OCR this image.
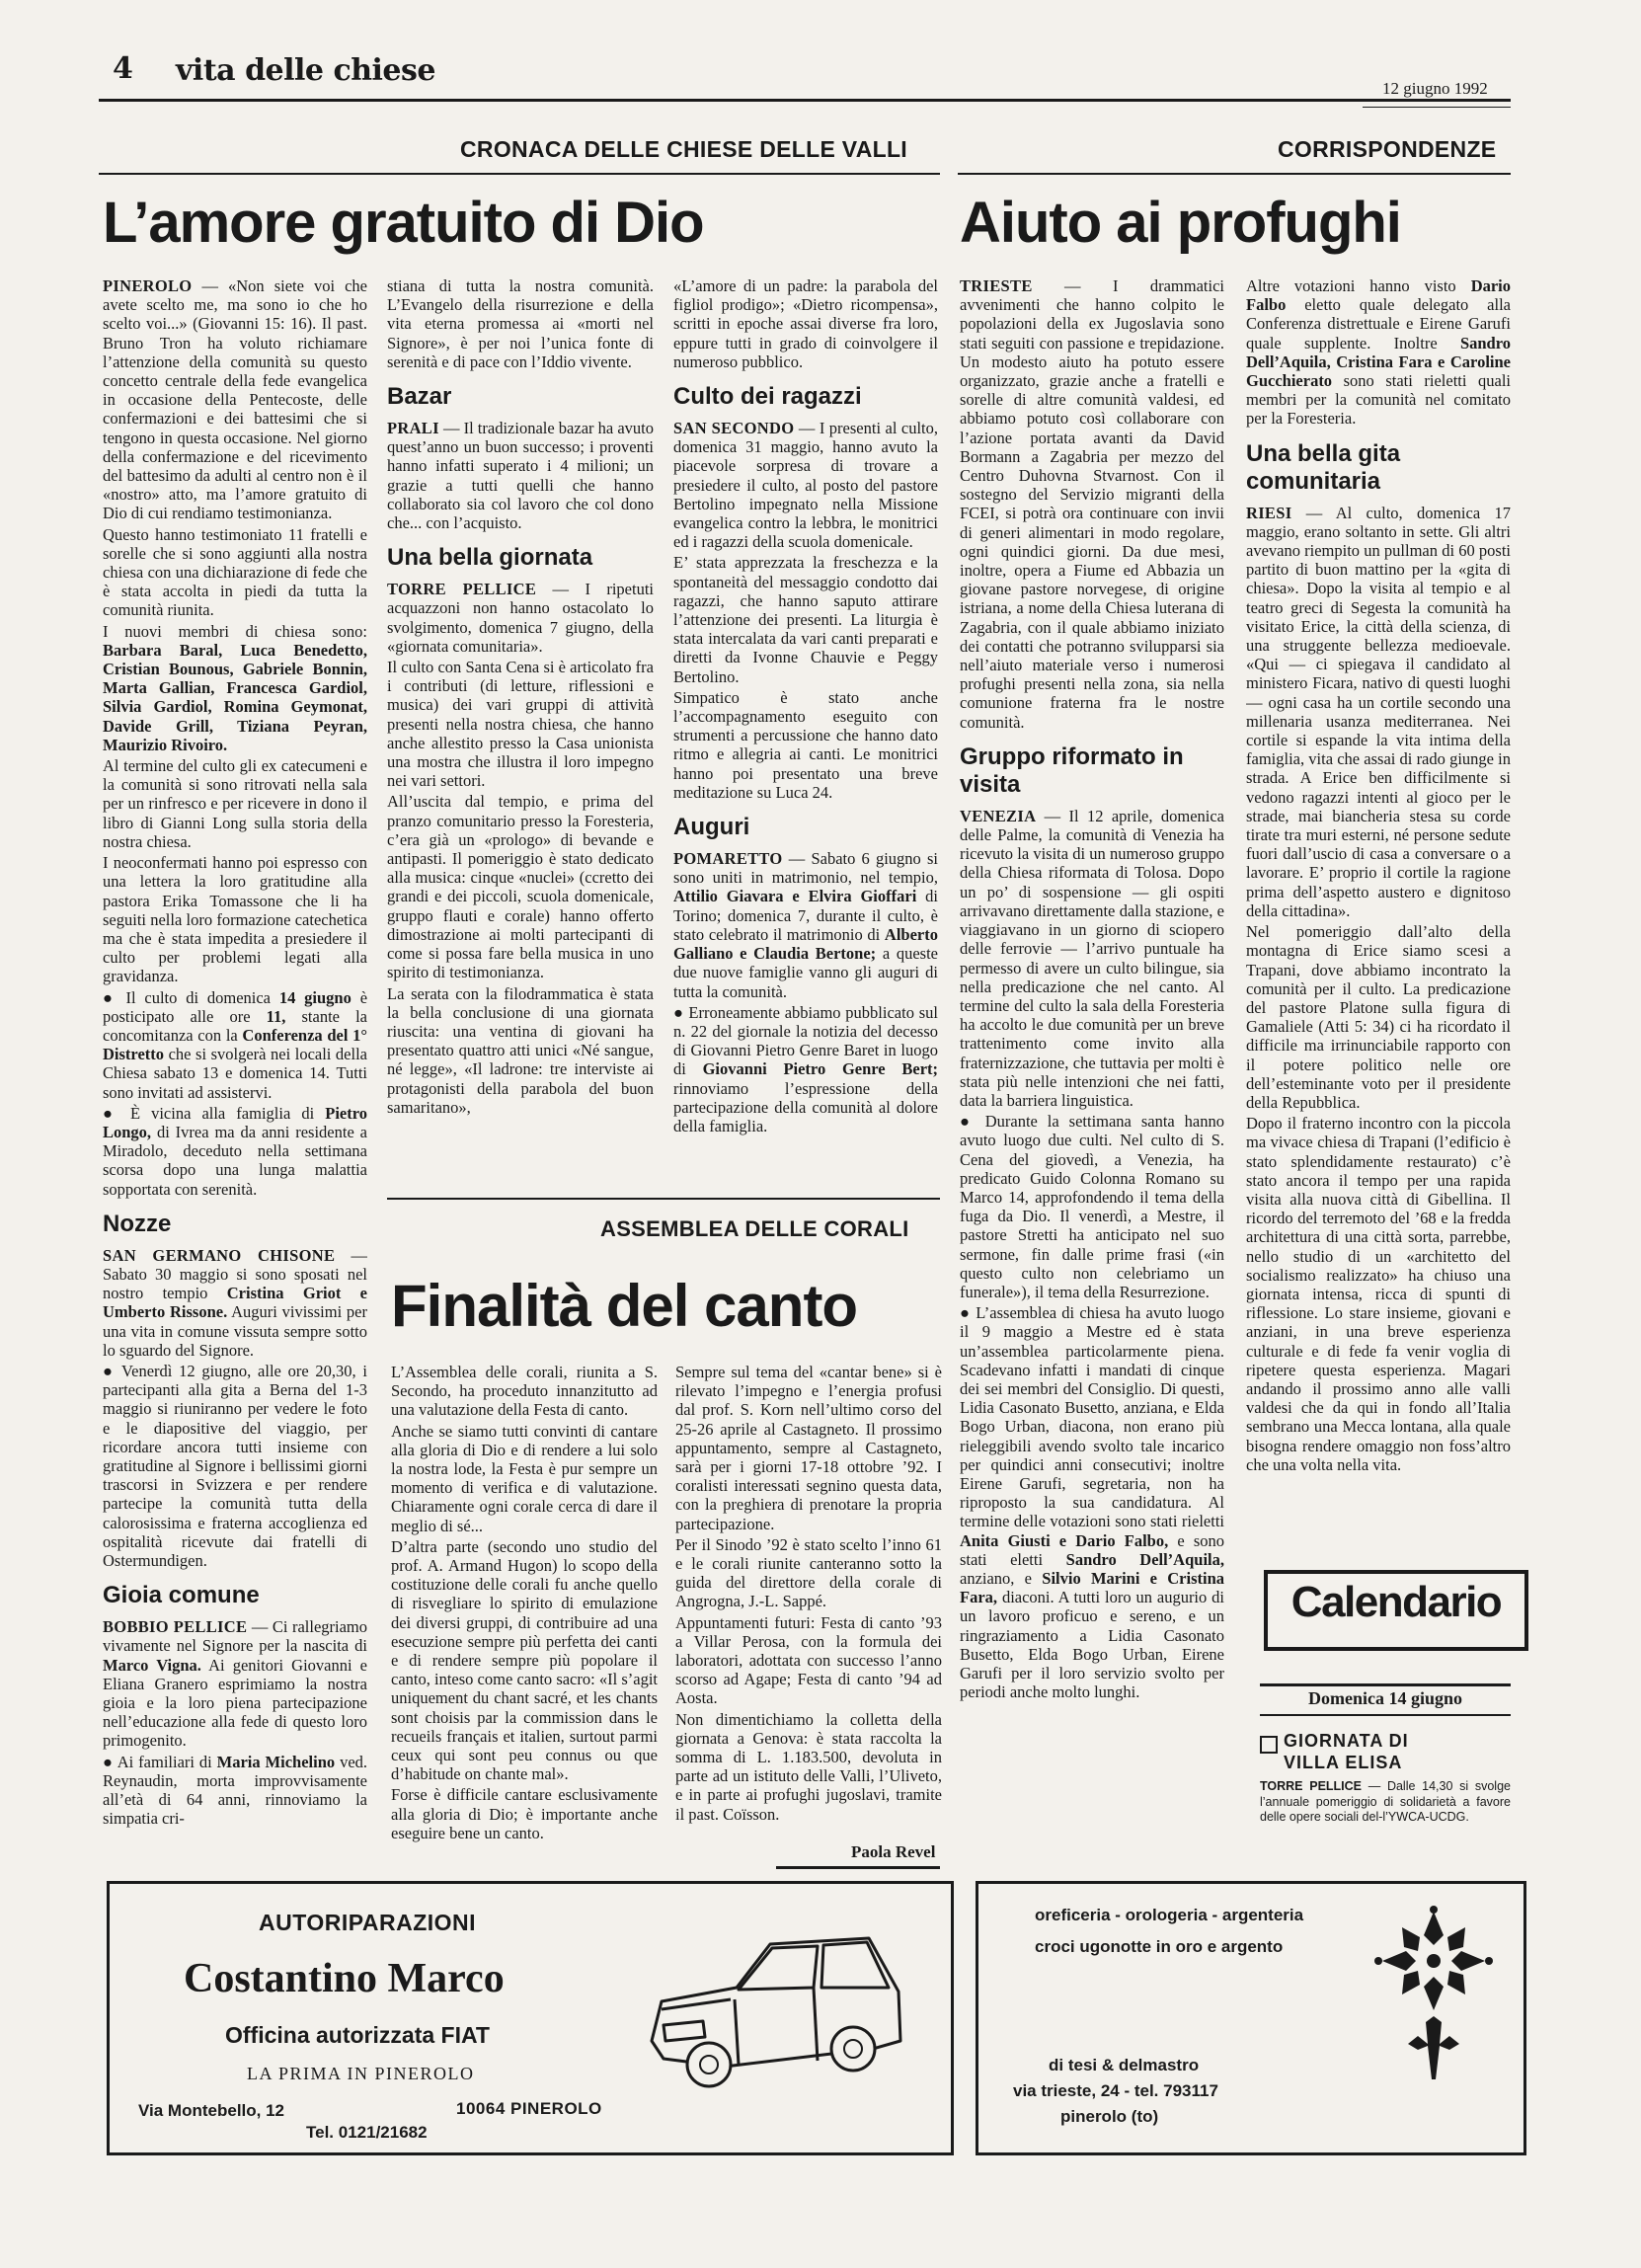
4 vita delle chiese
12 giugno 1992
CRONACA DELLE CHIESE DELLE VALLI	CORRISPONDENZE
L’amore gratuito di Dio	Aiuto ai profughi

PINEROLO — «Non siete voi che avete scelto me, ma sono io che ho scelto voi...» (Giovanni 15: 16). Il past. Bruno Tron ha voluto richiamare l’attenzione della comunità su questo concetto centrale della fede evangelica in occasione della Pentecoste, delle confermazioni e dei battesimi che si tengono in questa occasione. Nel giorno della confermazione e del ricevimento del battesimo da adulti al centro non è il «nostro» atto, ma l’amore gratuito di Dio di cui rendiamo testimonianza.

Questo hanno testimoniato 11 fratelli e sorelle che si sono aggiunti alla nostra chiesa con una dichiarazione di fede che è stata accolta in piedi da tutta la comunità riunita.

I nuovi membri di chiesa sono: Barbara Baral, Luca Benedetto, Cristian Bounous, Gabriele Bonnin, Marta Gallian, Francesca Gardiol, Silvia Gardiol, Romina Geymonat, Davide Grill, Tiziana Peyran, Maurizio Rivoiro.

Al termine del culto gli ex catecumeni e la comunità si sono ritrovati nella sala per un rinfresco e per ricevere in dono il libro di Gianni Long sulla storia della nostra chiesa.

I neoconfermati hanno poi espresso con una lettera la loro gratitudine alla pastora Erika Tomassone che li ha seguiti nella loro formazione catechetica ma che è stata impedita a presiedere il culto per problemi legati alla gravidanza.

● Il culto di domenica 14 giugno è posticipato alle ore 11, stante la concomitanza con la Conferenza del 1° Distretto che si svolgerà nei locali della Chiesa sabato 13 e domenica 14. Tutti sono invitati ad assistervi.

● È vicina alla famiglia di Pietro Longo, di Ivrea ma da anni residente a Miradolo, deceduto nella settimana scorsa dopo una lunga malattia sopportata con serenità.

Nozze

SAN GERMANO CHISONE — Sabato 30 maggio si sono sposati nel nostro tempio Cristina Griot e Umberto Rissone. Auguri vivissimi per una vita in comune vissuta sempre sotto lo sguardo del Signore.

● Venerdì 12 giugno, alle ore 20,30, i partecipanti alla gita a Berna del 1-3 maggio si riuniranno per vedere le foto e le diapositive del viaggio, per ricordare ancora tutti insieme con gratitudine al Signore i bellissimi giorni trascorsi in Svizzera e per rendere partecipe la comunità tutta della calorosissima e fraterna accoglienza ed ospitalità ricevute dai fratelli di Ostermundigen.

Gioia comune

BOBBIO PELLICE — Ci rallegriamo vivamente nel Signore per la nascita di Marco Vigna. Ai genitori Giovanni e Eliana Granero esprimiamo la nostra gioia e la loro piena partecipazione nell’educazione alla fede di questo loro primogenito.

● Ai familiari di Maria Michelino ved. Reynaudin, morta improvvisamente all’età di 64 anni, rinnoviamo la simpatia cri-

stiana di tutta la nostra comunità. L’Evangelo della risurrezione e della vita eterna promessa ai «morti nel Signore», è per noi l’unica fonte di serenità e di pace con l’Iddio vivente.

Bazar

PRALI — Il tradizionale bazar ha avuto quest’anno un buon successo; i proventi hanno infatti superato i 4 milioni; un grazie a tutti quelli che hanno collaborato sia col lavoro che col dono che... con l’acquisto.

Una bella giornata

TORRE PELLICE — I ripetuti acquazzoni non hanno ostacolato lo svolgimento, domenica 7 giugno, della «giornata comunitaria».

Il culto con Santa Cena si è articolato fra i contributi (di letture, riflessioni e musica) dei vari gruppi di attività presenti nella nostra chiesa, che hanno anche allestito presso la Casa unionista una mostra che illustra il loro impegno nei vari settori.

All’uscita dal tempio, e prima del pranzo comunitario presso la Foresteria, c’era già un «prologo» di bevande e antipasti. Il pomeriggio è stato dedicato alla musica: cinque «nuclei» (ccretto dei grandi e dei piccoli, scuola domenicale, gruppo flauti e corale) hanno offerto dimostrazione ai molti partecipanti di come si possa fare bella musica in uno spirito di testimonianza.

La serata con la filodrammatica è stata la bella conclusione di una giornata riuscita: una ventina di giovani ha presentato quattro atti unici «Né sangue, né legge», «Il ladrone: tre interviste ai protagonisti della parabola del buon samaritano»,

«L’amore di un padre: la parabola del figliol prodigo»; «Dietro ricompensa», scritti in epoche assai diverse fra loro, eppure tutti in grado di coinvolgere il numeroso pubblico.

Culto dei ragazzi

SAN SECONDO — I presenti al culto, domenica 31 maggio, hanno avuto la piacevole sorpresa di trovare a presiedere il culto, al posto del pastore Bertolino impegnato nella Missione evangelica contro la lebbra, le monitrici ed i ragazzi della scuola domenicale.

E’ stata apprezzata la freschezza e la spontaneità del messaggio condotto dai ragazzi, che hanno saputo attirare l’attenzione dei presenti. La liturgia è stata intercalata da vari canti preparati e diretti da Ivonne Chauvie e Peggy Bertolino.

Simpatico è stato anche l’accompagnamento eseguito con strumenti a percussione che hanno dato ritmo e allegria ai canti. Le monitrici hanno poi presentato una breve meditazione su Luca 24.

Auguri

POMARETTO — Sabato 6 giugno si sono uniti in matrimonio, nel tempio, Attilio Giavara e Elvira Gioffari di Torino; domenica 7, durante il culto, è stato celebrato il matrimonio di Alberto Galliano e Claudia Bertone; a queste due nuove famiglie vanno gli auguri di tutta la comunità.

● Erroneamente abbiamo pubblicato sul n. 22 del giornale la notizia del decesso di Giovanni Pietro Genre Baret in luogo di Giovanni Pietro Genre Bert; rinnoviamo l’espressione della partecipazione della comunità al dolore della famiglia.

ASSEMBLEA DELLE CORALI
Finalità del canto

L’Assemblea delle corali, riunita a S. Secondo, ha proceduto innanzitutto ad una valutazione della Festa di canto.

Anche se siamo tutti convinti di cantare alla gloria di Dio e di rendere a lui solo la nostra lode, la Festa è pur sempre un momento di verifica e di valutazione. Chiaramente ogni corale cerca di dare il meglio di sé...

D’altra parte (secondo uno studio del prof. A. Armand Hugon) lo scopo della costituzione delle corali fu anche quello di risvegliare lo spirito di emulazione dei diversi gruppi, di contribuire ad una esecuzione sempre più perfetta dei canti e di rendere sempre più popolare il canto, inteso come canto sacro: «Il s’agit uniquement du chant sacré, et les chants sont choisis par la commission dans le recueils français et italien, surtout parmi ceux qui sont peu connus ou que d’habitude on chante mal».

Forse è difficile cantare esclusivamente alla gloria di Dio; è importante anche eseguire bene un canto.

Sempre sul tema del «cantar bene» si è rilevato l’impegno e l’energia profusi dal prof. S. Korn nell’ultimo corso del 25-26 aprile al Castagneto. Il prossimo appuntamento, sempre al Castagneto, sarà per i giorni 17-18 ottobre ’92. I coralisti interessati segnino questa data, con la preghiera di prenotare la propria partecipazione.

Per il Sinodo ’92 è stato scelto l’inno 61 e le corali riunite canteranno sotto la guida del direttore della corale di Angrogna, J.-L. Sappé.

Appuntamenti futuri: Festa di canto ’93 a Villar Perosa, con la formula dei laboratori, adottata con successo l’anno scorso ad Agape; Festa di canto ’94 ad Aosta.

Non dimentichiamo la colletta della giornata a Genova: è stata raccolta la somma di L. 1.183.500, devoluta in parte ad un istituto delle Valli, l’Uliveto, e in parte ai profughi jugoslavi, tramite il past. Coïsson.

Paola Revel

TRIESTE — I drammatici avvenimenti che hanno colpito le popolazioni della ex Jugoslavia sono stati seguiti con passione e trepidazione. Un modesto aiuto ha potuto essere organizzato, grazie anche a fratelli e sorelle di altre comunità valdesi, ed abbiamo potuto così collaborare con l’azione portata avanti da David Bormann a Zagabria per mezzo del Centro Duhovna Stvarnost. Con il sostegno del Servizio migranti della FCEI, si potrà ora continuare con invii di generi alimentari in modo regolare, ogni quindici giorni. Da due mesi, inoltre, opera a Fiume ed Abbazia un giovane pastore norvegese, di origine istriana, a nome della Chiesa luterana di Zagabria, con il quale abbiamo iniziato dei contatti che potranno svilupparsi sia nell’aiuto materiale verso i numerosi profughi presenti nella zona, sia nella comunione fraterna fra le nostre comunità.

Gruppo riformato in visita

VENEZIA — Il 12 aprile, domenica delle Palme, la comunità di Venezia ha ricevuto la visita di un numeroso gruppo della Chiesa riformata di Tolosa. Dopo un po’ di sospensione — gli ospiti arrivavano direttamente dalla stazione, e viaggiavano in un giorno di sciopero delle ferrovie — l’arrivo puntuale ha permesso di avere un culto bilingue, sia nella predicazione che nel canto. Al termine del culto la sala della Foresteria ha accolto le due comunità per un breve trattenimento come invito alla fraternizzazione, che tuttavia per molti è stata più nelle intenzioni che nei fatti, data la barriera linguistica.

● Durante la settimana santa hanno avuto luogo due culti. Nel culto di S. Cena del giovedì, a Venezia, ha predicato Guido Colonna Romano su Marco 14, approfondendo il tema della fuga da Dio. Il venerdì, a Mestre, il pastore Stretti ha anticipato nel suo sermone, fin dalle prime frasi («in questo culto non celebriamo un funerale»), il tema della Resurrezione.

● L’assemblea di chiesa ha avuto luogo il 9 maggio a Mestre ed è stata un’assemblea particolarmente piena. Scadevano infatti i mandati di cinque dei sei membri del Consiglio. Di questi, Lidia Casonato Busetto, anziana, e Elda Bogo Urban, diacona, non erano più rieleggibili avendo svolto tale incarico per quindici anni consecutivi; inoltre Eirene Garufi, segretaria, non ha riproposto la sua candidatura. Al termine delle votazioni sono stati rieletti Anita Giusti e Dario Falbo, e sono stati eletti Sandro Dell’Aquila, anziano, e Silvio Marini e Cristina Fara, diaconi. A tutti loro un augurio di un lavoro proficuo e sereno, e un ringraziamento a Lidia Casonato Busetto, Elda Bogo Urban, Eirene Garufi per il loro servizio svolto per periodi anche molto lunghi.

Altre votazioni hanno visto Dario Falbo eletto quale delegato alla Conferenza distrettuale e Eirene Garufi quale supplente. Inoltre Sandro Dell’Aquila, Cristina Fara e Caroline Gucchierato sono stati rieletti quali membri per la comunità nel comitato per la Foresteria.

Una bella gita comunitaria

RIESI — Al culto, domenica 17 maggio, erano soltanto in sette. Gli altri avevano riempito un pullman di 60 posti partito di buon mattino per la «gita di chiesa». Dopo la visita al tempio e al teatro greci di Segesta la comunità ha visitato Erice, la città della scienza, di una struggente bellezza medioevale. «Qui — ci spiegava il candidato al ministero Ficara, nativo di questi luoghi — ogni casa ha un cortile secondo una millenaria usanza mediterranea. Nei cortile si espande la vita intima della famiglia, vita che assai di rado giunge in strada. A Erice ben difficilmente si vedono ragazzi intenti al gioco per le strade, mai biancheria stesa su corde tirate tra muri esterni, né persone sedute fuori dall’uscio di casa a conversare o a lavorare. E’ proprio il cortile la ragione prima dell’aspetto austero e dignitoso della cittadina».

Nel pomeriggio dall’alto della montagna di Erice siamo scesi a Trapani, dove abbiamo incontrato la comunità per il culto. La predicazione del pastore Platone sulla figura di Gamaliele (Atti 5: 34) ci ha ricordato il difficile ma irrinunciabile rapporto con il potere politico nelle ore dell’esteminante voto per il presidente della Repubblica.

Dopo il fraterno incontro con la piccola ma vivace chiesa di Trapani (l’edificio è stato splendidamente restaurato) c’è stato ancora il tempo per una rapida visita alla nuova città di Gibellina. Il ricordo del terremoto del ’68 e la fredda architettura di una città sorta, parrebbe, nello studio di un «architetto del socialismo realizzato» ha chiuso una giornata intensa, ricca di spunti di riflessione. Lo stare insieme, giovani e anziani, in una breve esperienza culturale e di fede fa venir voglia di ripetere questa esperienza. Magari andando il prossimo anno alle valli valdesi che da qui in fondo all’Italia sembrano una Mecca lontana, alla quale bisogna rendere omaggio non foss’altro che una volta nella vita.

Calendario
Domenica 14 giugno
GIORNATA DI VILLA ELISA
TORRE PELLICE — Dalle 14,30 si svolge l’annuale pomeriggio di solidarietà a favore delle opere sociali del-l’YWCA-UCDG.
AUTORIPARAZIONI
Costantino Marco
Officina autorizzata FIAT
LA PRIMA IN PINEROLO
Via Montebello, 12	10064 PINEROLO
Tel. 0121/21682
oreficeria - orologeria - argenteria
croci ugonotte in oro e argento
di tesi & delmastro
via trieste, 24 - tel. 793117
pinerolo (to)
